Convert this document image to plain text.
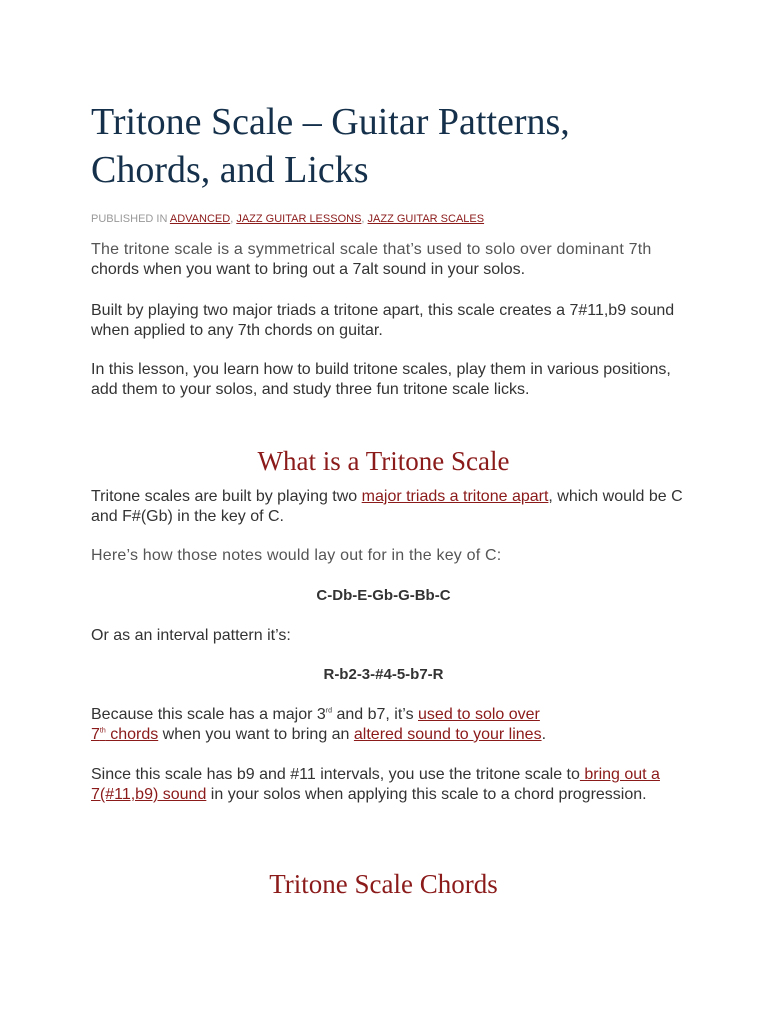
Tritone Scale – Guitar Patterns, Chords, and Licks
PUBLISHED IN ADVANCED, JAZZ GUITAR LESSONS, JAZZ GUITAR SCALES

The tritone scale is a symmetrical scale that’s used to solo over dominant 7th
chords when you want to bring out a 7alt sound in your solos.

Built by playing two major triads a tritone apart, this scale creates a 7#11,b9 sound when applied to any 7th chords on guitar.

In this lesson, you learn how to build tritone scales, play them in various positions, add them to your solos, and study three fun tritone scale licks.

What is a Tritone Scale

Tritone scales are built by playing two major triads a tritone apart, which would be C and F#(Gb) in the key of C.

Here’s how those notes would lay out for in the key of C:

C-Db-E-Gb-G-Bb-C

Or as an interval pattern it’s:

R-b2-3-#4-5-b7-R

Because this scale has a major 3rd and b7, it’s used to solo over
7th chords when you want to bring an altered sound to your lines.

Since this scale has b9 and #11 intervals, you use the tritone scale to bring out a 7(#11,b9) sound in your solos when applying this scale to a chord progression.

Tritone Scale Chords
